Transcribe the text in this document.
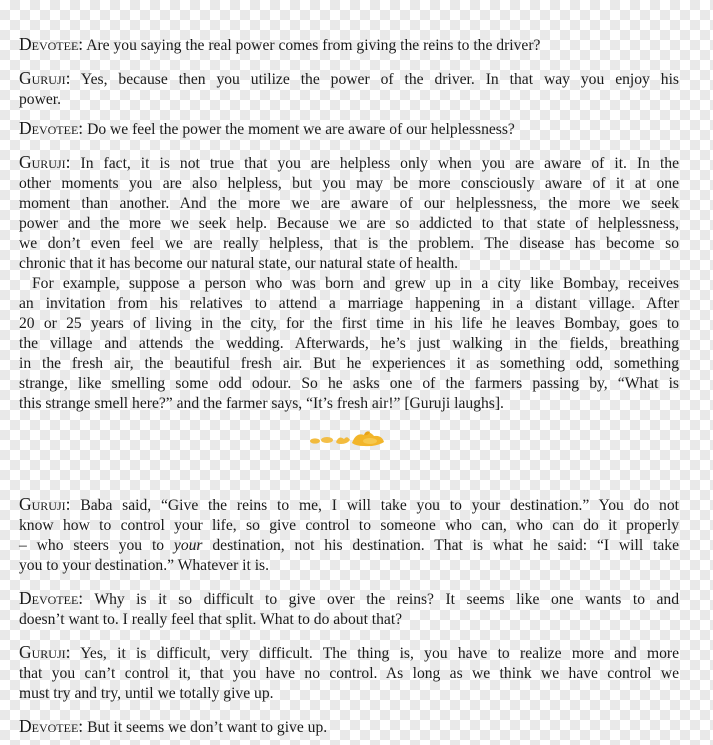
Devotee: Are you saying the real power comes from giving the reins to the driver?

Guruji: Yes, because then you utilize the power of the driver. In that way you enjoy his
power.

Devotee: Do we feel the power the moment we are aware of our helplessness?

Guruji: In fact, it is not true that you are helpless only when you are aware of it. In the
other moments you are also helpless, but you may be more consciously aware of it at one
moment than another. And the more we are aware of our helplessness, the more we seek
power and the more we seek help. Because we are so addicted to that state of helplessness,
we don’t even feel we are really helpless, that is the problem. The disease has become so
chronic that it has become our natural state, our natural state of health.
For example, suppose a person who was born and grew up in a city like Bombay, receives
an invitation from his relatives to attend a marriage happening in a distant village. After
20 or 25 years of living in the city, for the first time in his life he leaves Bombay, goes to
the village and attends the wedding. Afterwards, he’s just walking in the fields, breathing
in the fresh air, the beautiful fresh air. But he experiences it as something odd, something
strange, like smelling some odd odour. So he asks one of the farmers passing by, “What is
this strange smell here?” and the farmer says, “It’s fresh air!” [Guruji laughs].

Guruji: Baba said, “Give the reins to me, I will take you to your destination.” You do not
know how to control your life, so give control to someone who can, who can do it properly
– who steers you to your destination, not his destination. That is what he said: “I will take
you to your destination.” Whatever it is.

Devotee: Why is it so difficult to give over the reins? It seems like one wants to and
doesn’t want to. I really feel that split. What to do about that?

Guruji: Yes, it is difficult, very difficult. The thing is, you have to realize more and more
that you can’t control it, that you have no control. As long as we think we have control we
must try and try, until we totally give up.

Devotee: But it seems we don’t want to give up.
